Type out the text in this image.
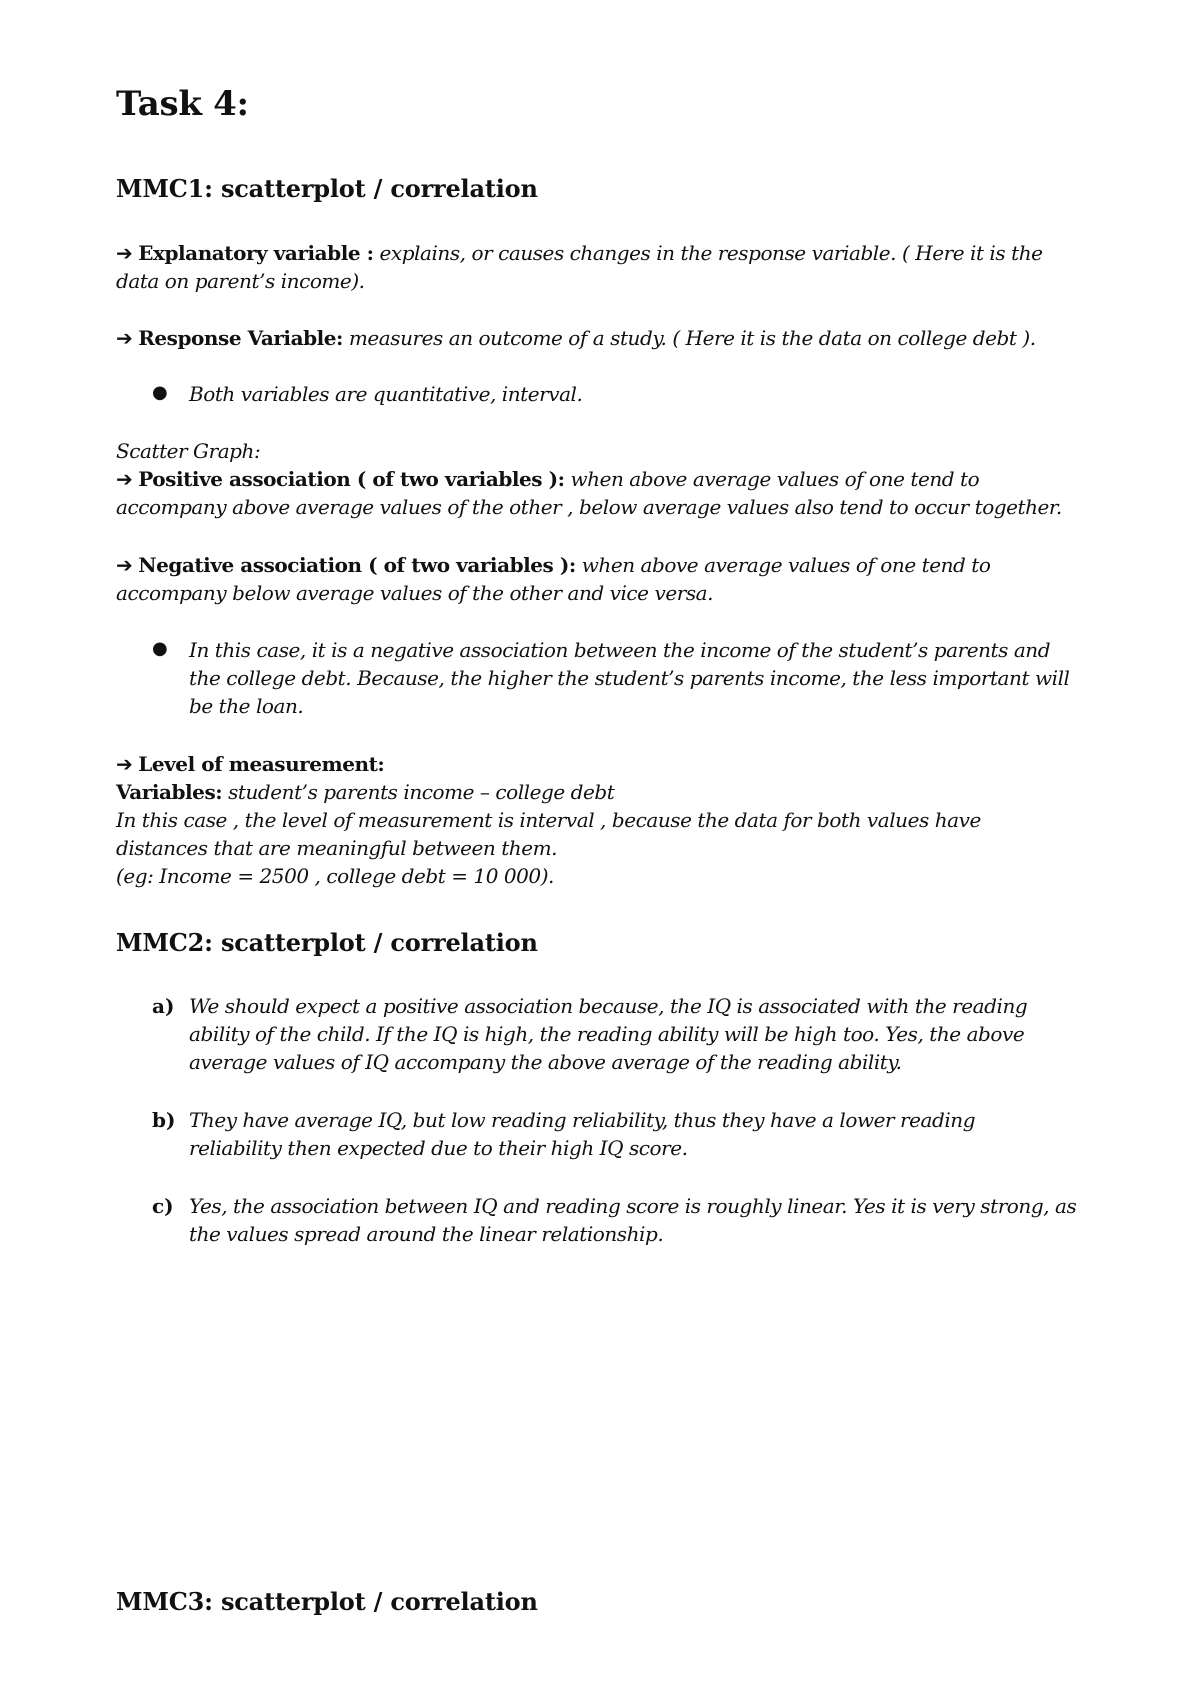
Task 4:
MMC1: scatterplot / correlation
➔ Explanatory variable : explains, or causes changes in the response variable. ( Here it is the
data on parent’s income).
➔ Response Variable: measures an outcome of a study. ( Here it is the data on college debt ).
● Both variables are quantitative, interval.
Scatter Graph:
➔ Positive association ( of two variables ): when above average values of one tend to
accompany above average values of the other , below average values also tend to occur together.
➔ Negative association ( of two variables ): when above average values of one tend to
accompany below average values of the other and vice versa.
● In this case, it is a negative association between the income of the student’s parents and
the college debt. Because, the higher the student’s parents income, the less important will
be the loan.
➔ Level of measurement:
Variables: student’s parents income – college debt
In this case , the level of measurement is interval , because the data for both values have
distances that are meaningful between them.
(eg: Income = 2500 , college debt = 10 000).
MMC2: scatterplot / correlation
a) We should expect a positive association because, the IQ is associated with the reading
ability of the child. If the IQ is high, the reading ability will be high too. Yes, the above
average values of IQ accompany the above average of the reading ability.
b) They have average IQ, but low reading reliability, thus they have a lower reading
reliability then expected due to their high IQ score.
c) Yes, the association between IQ and reading score is roughly linear. Yes it is very strong, as
the values spread around the linear relationship.
MMC3: scatterplot / correlation
